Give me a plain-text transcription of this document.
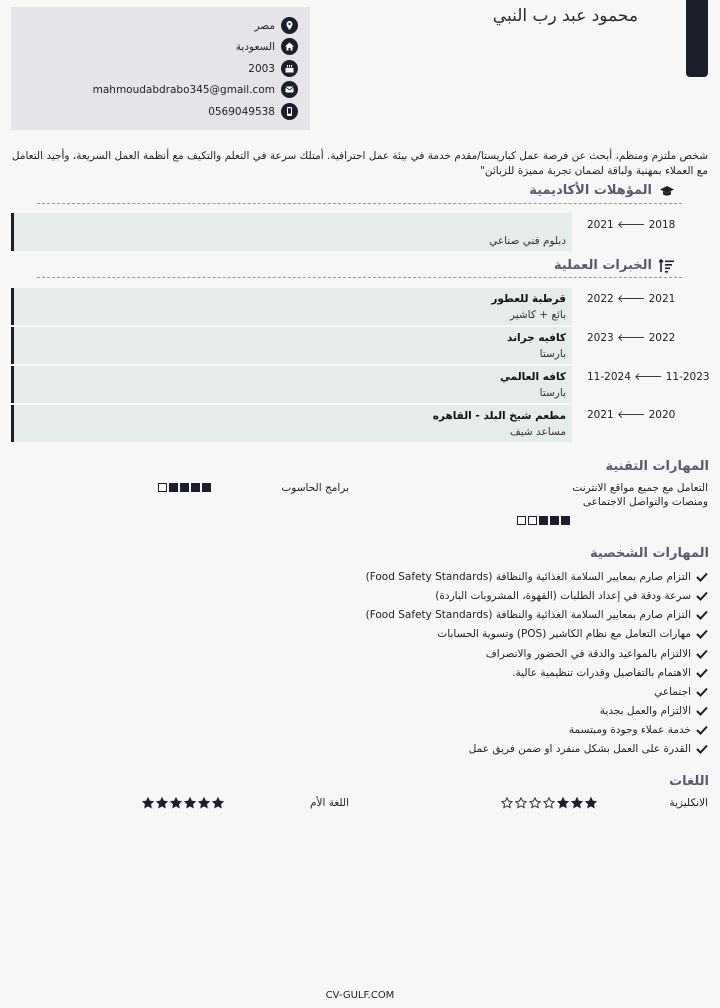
محمود عبد رب النبي
مصر
السعودية
2003
mahmoudabdrabo345@gmail.com
0569049538

شخص ملتزم ومنظم، أبحث عن فرصة عمل كباريستا/مقدم خدمة في بيئة عمل احترافية. أمتلك سرعة في التعلم والتكيف مع أنظمة العمل السريعة، وأجيد التعامل مع العملاء بمهنية ولباقة لضمان تجربة مميزة للزبائن"

المؤهلات الأكاديمية
2021 🡐 2018
دبلوم فني صناعي
الخبرات العملية
2022 🡐 2021
قرطبة للعطور
بائع + كاشير
2023 🡐 2022
كافيه جراند
بارستا
11-2024 🡐 11-2023
كافه العالمي
بارستا
2021 🡐 2020
مطعم شيخ البلد - القاهره
مساعد شيف
المهارات التقنية
التعامل مع جميع مواقع الانترنت ومنصات والتواصل الاجتماعى
برامج الحاسوب
المهارات الشخصية
التزام صارم بمعايير السلامة الغذائية والنظافة (Food Safety Standards)
سرعة ودقة في إعداد الطلبات (القهوة، المشروبات الباردة)
التزام صارم بمعايير السلامة الغذائية والنظافة (Food Safety Standards)
مهارات التعامل مع نظام الكاشير (POS) وتسوية الحسابات
الالتزام بالمواعيد والدقة في الحضور والانصراف
الاهتمام بالتفاصيل وقدرات تنظيمية عالية.
اجتماعي
الالتزام والعمل بجدية
خدمة عملاء وجودة ومبتسمة
القدرة على العمل بشكل منفرد او ضمن فريق عمل
اللغات
الانكليزية
اللغة الأم
CV-GULF.COM
